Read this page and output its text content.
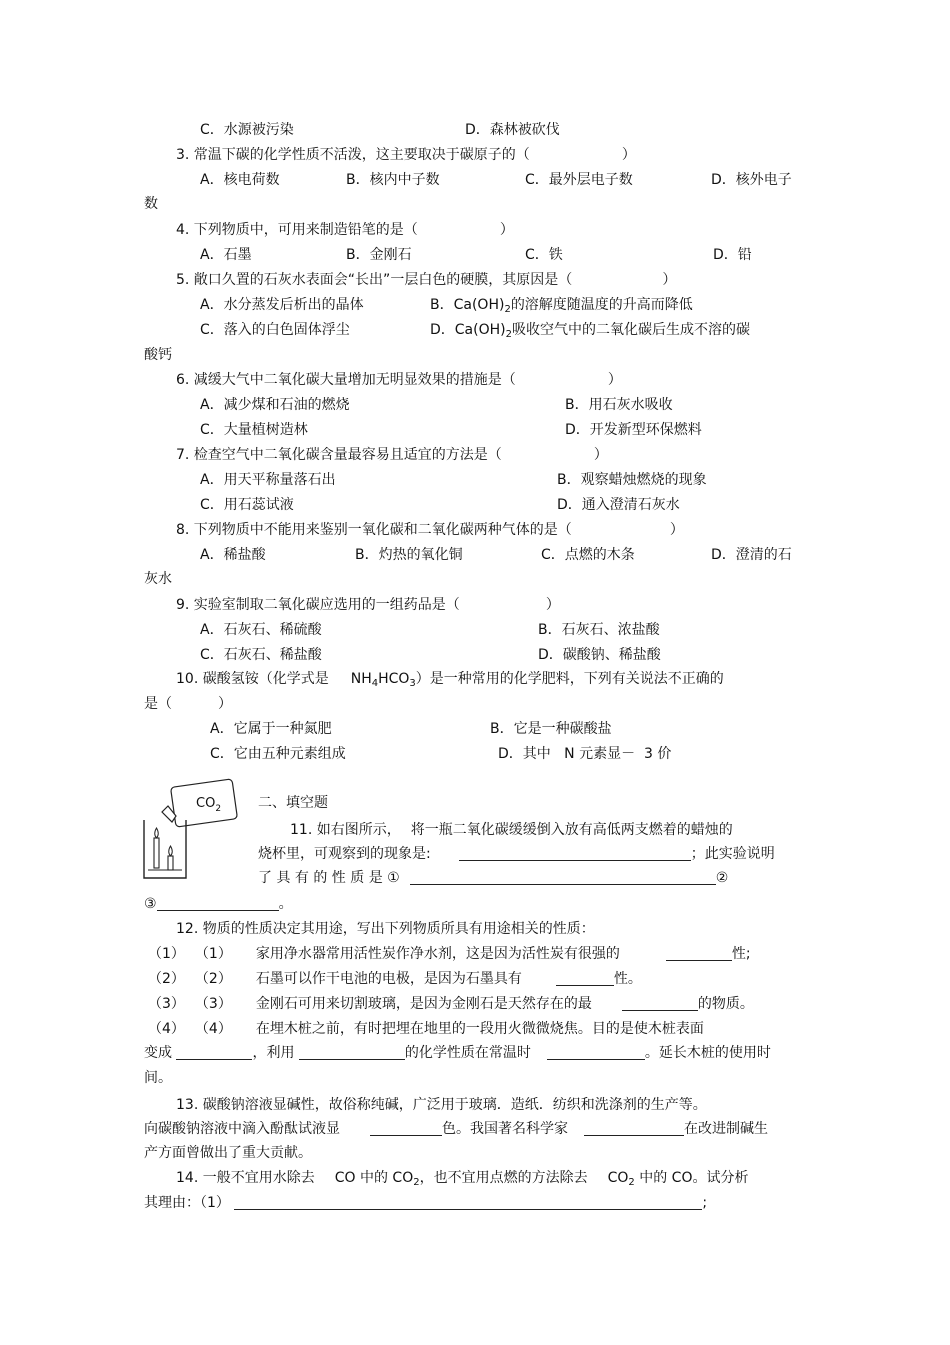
C．水源被污染	D．森林被砍伐
3. 常温下碳的化学性质不活泼，这主要取决于碳原子的（	）
A．核电荷数	B．核内中子数	C．最外层电子数	D．核外电子
数
4. 下列物质中，可用来制造铅笔的是（	）
A．石墨	B．金刚石	C．铁	D．铅
5. 敞口久置的石灰水表面会“长出”一层白色的硬膜，其原因是（	）
A．水分蒸发后析出的晶体	B．$Ca(OH)_2$的溶解度随温度的升高而降低
C．落入的白色固体浮尘	D．$Ca(OH)_2$吸收空气中的二氧化碳后生成不溶的碳
酸钙
6. 减缓大气中二氧化碳大量增加无明显效果的措施是（	）
A．减少煤和石油的燃烧	B．用石灰水吸收
C．大量植树造林	D．开发新型环保燃料
7. 检查空气中二氧化碳含量最容易且适宜的方法是（	）
A．用天平称量落石出	B．观察蜡烛燃烧的现象
C．用石蕊试液	D．通入澄清石灰水
8. 下列物质中不能用来鉴别一氧化碳和二氧化碳两种气体的是（	）
A．稀盐酸	B．灼热的氧化铜	C．点燃的木条	D．澄清的石
灰水
9. 实验室制取二氧化碳应选用的一组药品是（	）
A．石灰石、稀硫酸	B．石灰石、浓盐酸
C．石灰石、稀盐酸	D．碳酸钠、稀盐酸
10. 碳酸氢铵（化学式是 $NH_4HCO_3$）是一种常用的化学肥料，下列有关说法不正确的
是（	）
A．它属于一种氮肥	B．它是一种碳酸盐
C．它由五种元素组成	D．其中 N 元素显－ 3 价
$CO_2$	二、填空题
11. 如右图所示， 将一瓶二氧化碳缓缓倒入放有高低两支燃着的蜡烛的
烧杯里，可观察到的现象是:	；此实验说明
了 具 有 的 性 质 是 ①	②
③	。
12. 物质的性质决定其用途，写出下列物质所具有用途相关的性质：
（1） （1） 家用净水器常用活性炭作净水剂，这是因为活性炭有很强的	性;
（2） （2） 石墨可以作干电池的电极，是因为石墨具有	性。
（3） （3） 金刚石可用来切割玻璃，是因为金刚石是天然存在的最	的物质。
（4） （4） 在埋木桩之前，有时把埋在地里的一段用火微微烧焦。目的是使木桩表面
变成	，利用	的化学性质在常温时	。延长木桩的使用时
间。
13. 碳酸钠溶液显碱性，故俗称纯碱，广泛用于玻璃．造纸．纺织和洗涤剂的生产等。
向碳酸钠溶液中滴入酚酞试液显	色。我国著名科学家	在改进制碱生
产方面曾做出了重大贡献。
14. 一般不宜用水除去 CO 中的 $CO_2$，也不宜用点燃的方法除去 $CO_2$ 中的 CO。试分析
其理由：（1）	;
